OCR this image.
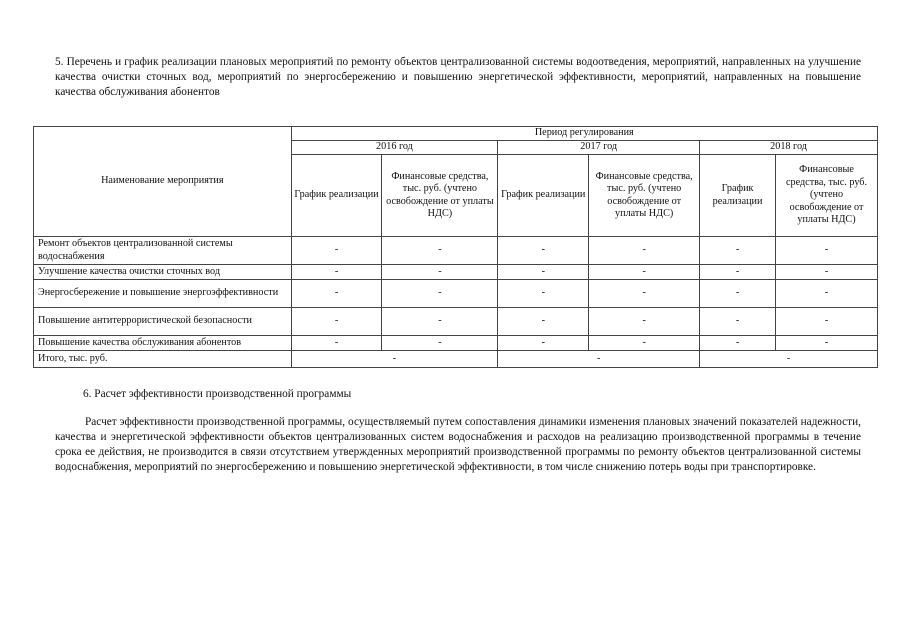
5. Перечень и график реализации плановых мероприятий по ремонту объектов централизованной системы водоотведения, мероприятий, направленных на улучшение качества очистки сточных вод, мероприятий по энергосбережению и повышению энергетической эффективности, мероприятий, направленных на повышение качества обслуживания абонентов
Наименование мероприятия	Период регулирования					
	2016 год		2017 год		2018 год	
	График реализации	Финансовые средства, тыс. руб. (учтено освобождение от уплаты НДС)	График реализации	Финансовые средства, тыс. руб. (учтено освобождение от уплаты НДС)	График реализации	Финансовые средства, тыс. руб. (учтено освобождение от уплаты НДС)
Ремонт объектов централизованной системы водоснабжения	-	-	-	-	-	-
Улучшение качества очистки сточных вод	-	-	-	-	-	-
Энергосбережение и повышение энергоэффективности	-	-	-	-	-	-
Повышение антитеррористической безопасности	-	-	-	-	-	-
Повышение качества обслуживания абонентов	-	-	-	-	-	-
Итого, тыс. руб.	-		-		-	
6. Расчет эффективности производственной программы
Расчет эффективности производственной программы, осуществляемый путем сопоставления динамики изменения плановых значений показателей надежности, качества и энергетической эффективности объектов централизованных систем водоснабжения и расходов на реализацию производственной программы в течение срока ее действия, не производится в связи отсутствием утвержденных мероприятий производственной программы по ремонту объектов централизованной системы водоснабжения, мероприятий по энергосбережению и повышению энергетической эффективности, в том числе снижению потерь воды при транспортировке.
